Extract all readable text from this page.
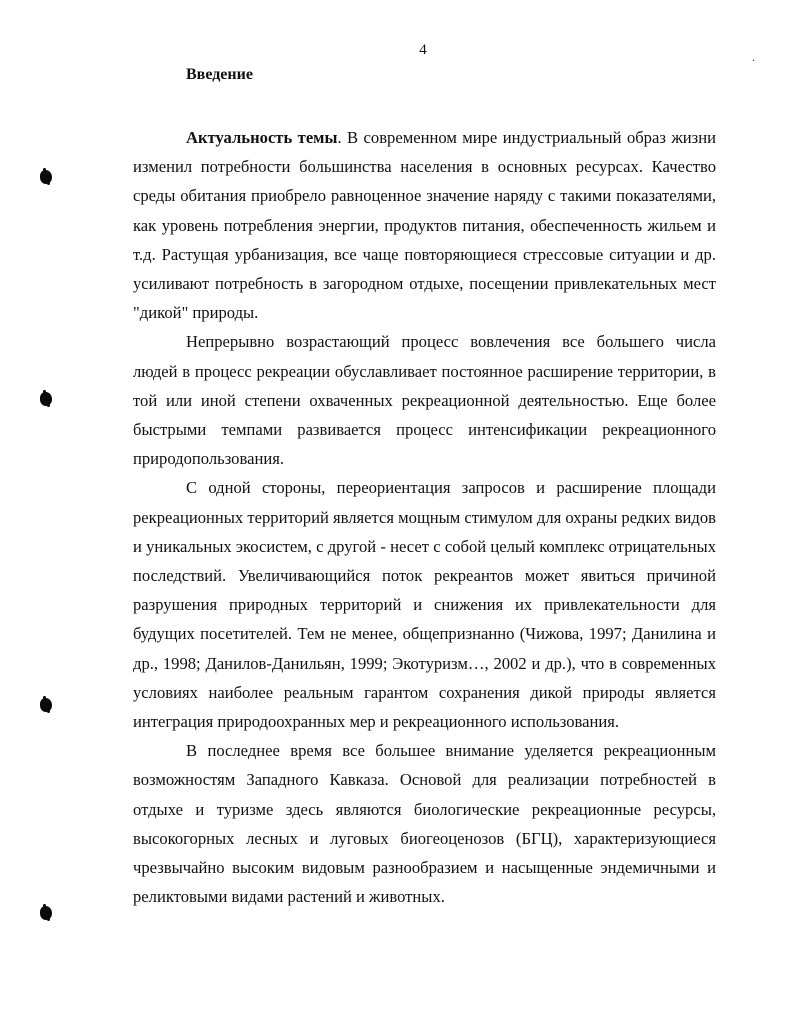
4	.
Введение

Актуальность темы. В современном мире индустриальный образ жизни изменил потребности большинства населения в основных ресурсах. Качество среды обитания приобрело равноценное значение наряду с такими показателями, как уровень потребления энергии, продуктов питания, обеспеченность жильем и т.д. Растущая урбанизация, все чаще повторяющиеся стрессовые ситуации и др. усиливают потребность в загородном отдыхе, посещении привлекательных мест "дикой" природы.

Непрерывно возрастающий процесс вовлечения все большего числа людей в процесс рекреации обуславливает постоянное расширение территории, в той или иной степени охваченных рекреационной деятельностью. Еще более быстрыми темпами развивается процесс интенсификации рекреационного природопользования.

С одной стороны, переориентация запросов и расширение площади рекреационных территорий является мощным стимулом для охраны редких видов и уникальных экосистем, с другой - несет с собой целый комплекс отрицательных последствий. Увеличивающийся поток рекреантов может явиться причиной разрушения природных территорий и снижения их привлекательности для будущих посетителей. Тем не менее, общепризнанно (Чижова, 1997; Данилина и др., 1998; Данилов-Данильян, 1999; Экотуризм…, 2002 и др.), что в современных условиях наиболее реальным гарантом сохранения дикой природы является интеграция природоохранных мер и рекреационного использования.

В последнее время все большее внимание уделяется рекреационным возможностям Западного Кавказа. Основой для реализации потребностей в отдыхе и туризме здесь являются биологические рекреационные ресурсы, высокогорных лесных и луговых биогеоценозов (БГЦ), характеризующиеся чрезвычайно высоким видовым разнообразием и насыщенные эндемичными и реликтовыми видами растений и животных.
